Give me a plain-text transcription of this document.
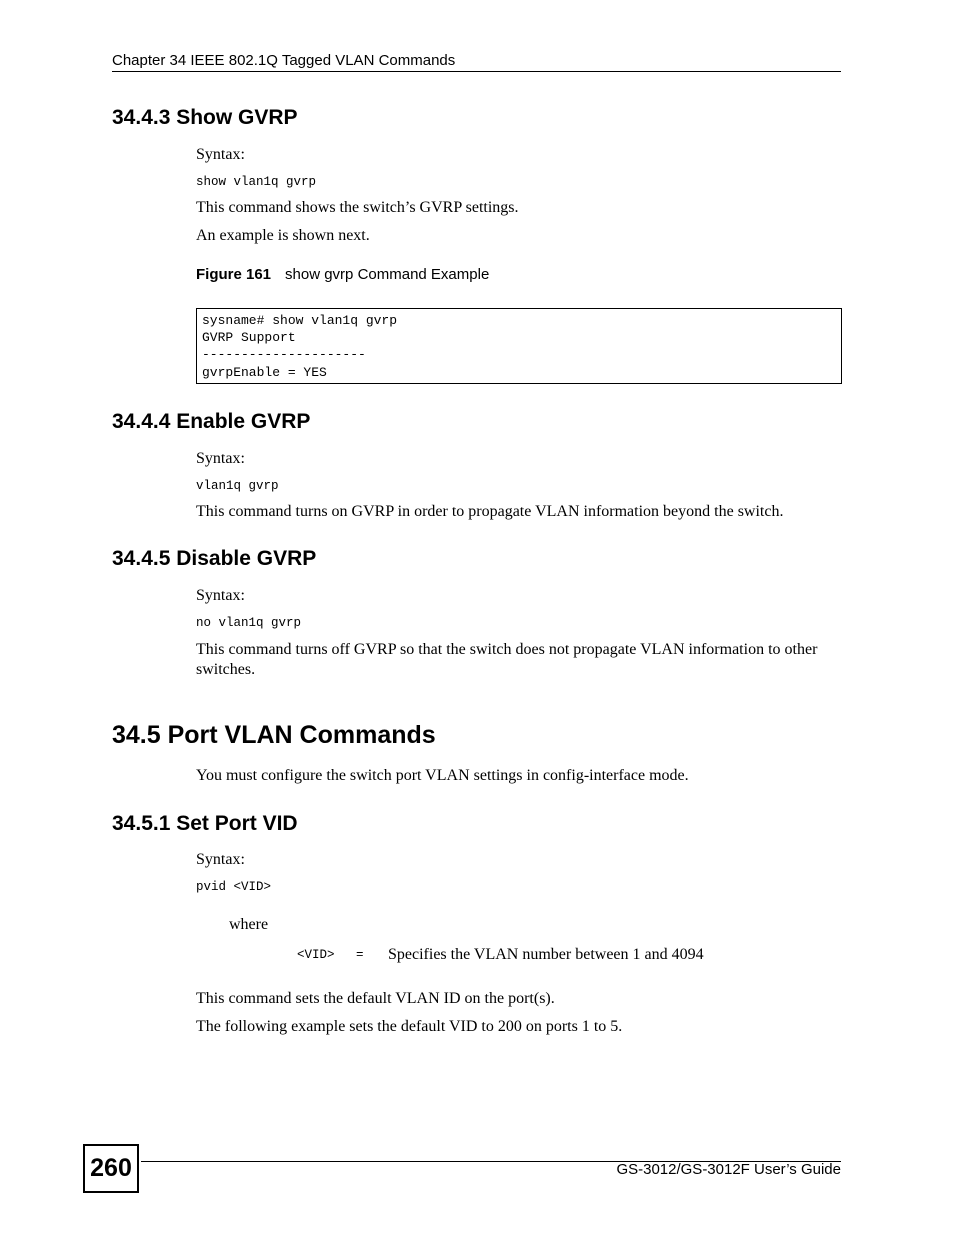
Chapter 34 IEEE 802.1Q Tagged VLAN Commands
34.4.3 Show GVRP
Syntax:
show vlan1q gvrp
This command shows the switch’s GVRP settings.
An example is shown next.
Figure 161 show gvrp Command Example
sysname# show vlan1q gvrp
GVRP Support
---------------------
gvrpEnable = YES
34.4.4 Enable GVRP
Syntax:
vlan1q gvrp
This command turns on GVRP in order to propagate VLAN information beyond the switch.
34.4.5 Disable GVRP
Syntax:
no vlan1q gvrp
This command turns off GVRP so that the switch does not propagate VLAN information to other switches.
34.5 Port VLAN Commands
You must configure the switch port VLAN settings in config-interface mode.
34.5.1 Set Port VID
Syntax:
pvid <VID>
where
<VID> = Specifies the VLAN number between 1 and 4094
This command sets the default VLAN ID on the port(s).
The following example sets the default VID to 200 on ports 1 to 5.
260	GS-3012/GS-3012F User’s Guide
